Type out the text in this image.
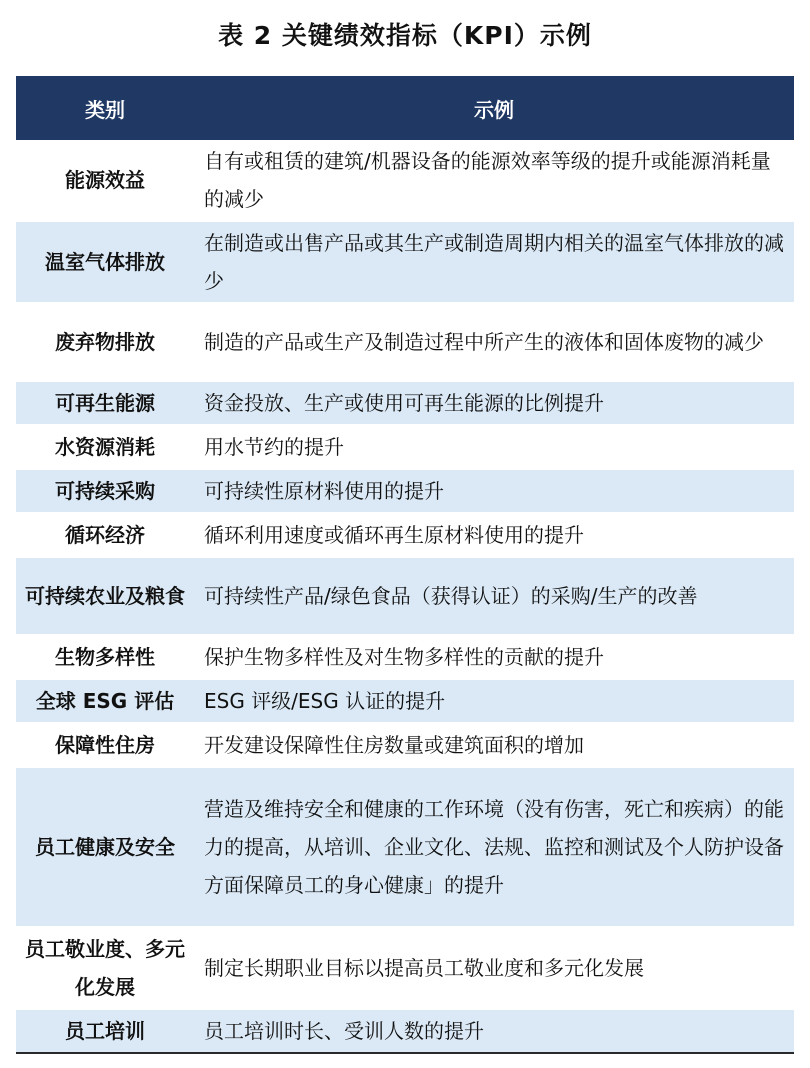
表 2 关键绩效指标（KPI）示例
类别	示例
能源效益	自有或租赁的建筑/机器设备的能源效率等级的提升或能源消耗量的减少
温室气体排放	在制造或出售产品或其生产或制造周期内相关的温室气体排放的减少
废弃物排放	制造的产品或生产及制造过程中所产生的液体和固体废物的减少
可再生能源	资金投放、生产或使用可再生能源的比例提升
水资源消耗	用水节约的提升
可持续采购	可持续性原材料使用的提升
循环经济	循环利用速度或循环再生原材料使用的提升
可持续农业及粮食	可持续性产品/绿色食品（获得认证）的采购/生产的改善
生物多样性	保护生物多样性及对生物多样性的贡献的提升
全球 ESG 评估	ESG 评级/ESG 认证的提升
保障性住房	开发建设保障性住房数量或建筑面积的增加
员工健康及安全	营造及维持安全和健康的工作环境（没有伤害，死亡和疾病）的能力的提高，从培训、企业文化、法规、监控和测试及个人防护设备方面保障员工的身心健康」的提升
员工敬业度、多元化发展	制定长期职业目标以提高员工敬业度和多元化发展
员工培训	员工培训时长、受训人数的提升
